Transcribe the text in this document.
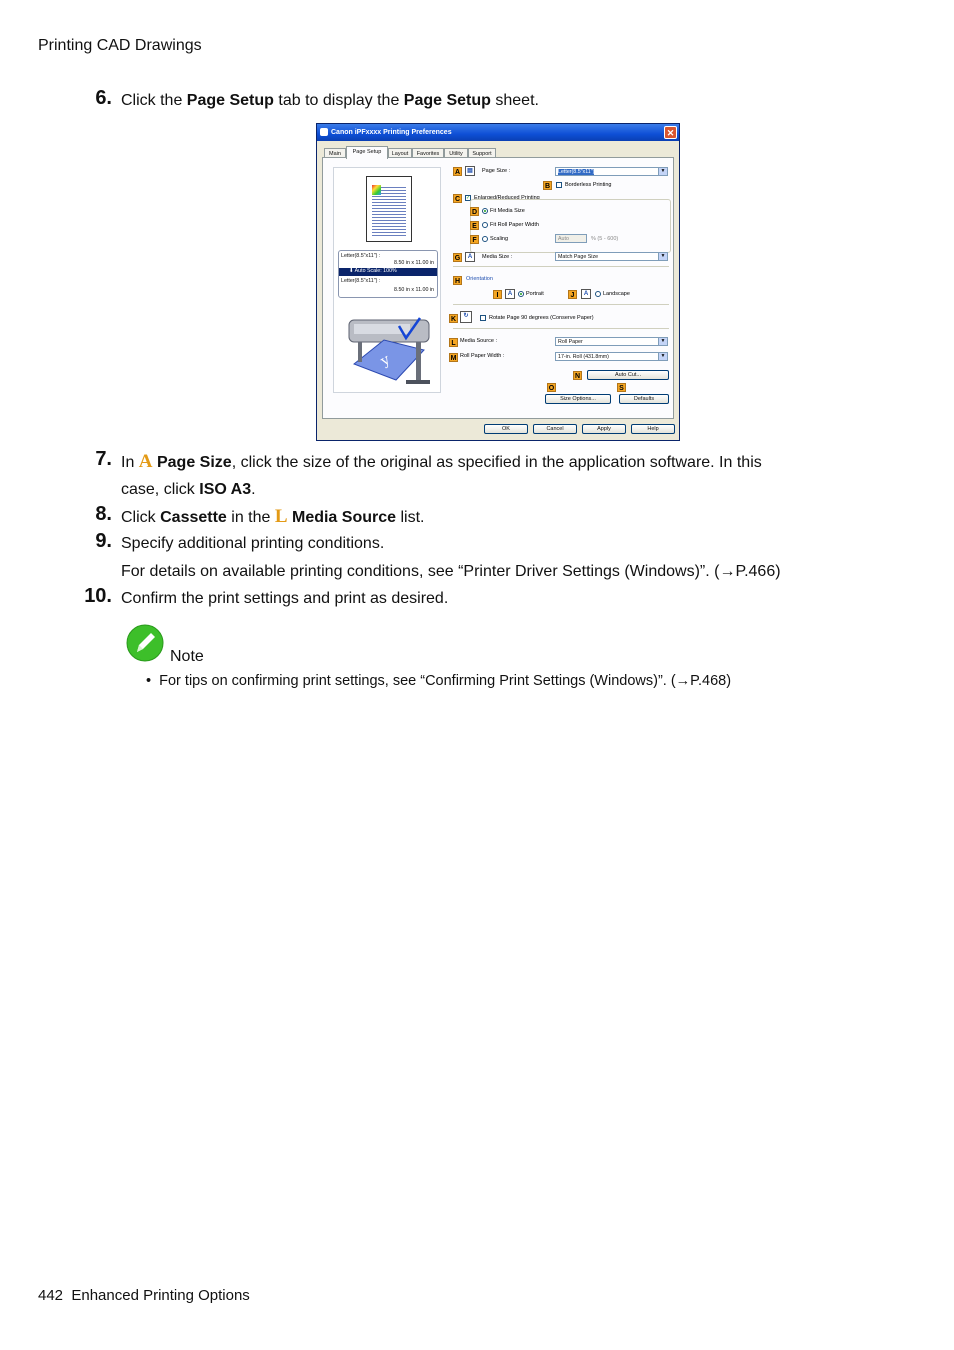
Printing CAD Drawings
6. Click the Page Setup tab to display the Page Setup sheet.
Canon iPFxxxx Printing Preferences	✕
Main	Page Setup	Layout	Favorites	Utility	Support
Letter(8.5"x11") :
8.50 in x 11.00 in
⬇ Auto Scale: 100%
Letter(8.5"x11") :
8.50 in x 11.00 in
y
A	▤	Page Size :	Letter(8.5"x11")	▼
B	Borderless Printing
C	✓ Enlarged/Reduced Printing
D	Fit Media Size
E	Fit Roll Paper Width
F	Scaling	Auto	% (5 - 600)
G	A	Media Size :	Match Page Size	▼
H	Orientation
I	A	Portrait	J	A	Landscape
K	↻	Rotate Page 90 degrees (Conserve Paper)
L Media Source :	Roll Paper	▼
M Roll Paper Width :	17-in. Roll (431.8mm)	▼
N	Auto Cut...
O	S
Size Options...	Defaults
OK	Cancel	Apply	Help
7. In A Page Size, click the size of the original as specified in the application software. In this
case, click ISO A3.
8. Click Cassette in the L Media Source list.
9. Specify additional printing conditions.
For details on available printing conditions, see “Printer Driver Settings (Windows)”. (→P.466)
10. Confirm the print settings and print as desired.
Note
• For tips on confirming print settings, see “Confirming Print Settings (Windows)”. (→P.468)
442  Enhanced Printing Options
